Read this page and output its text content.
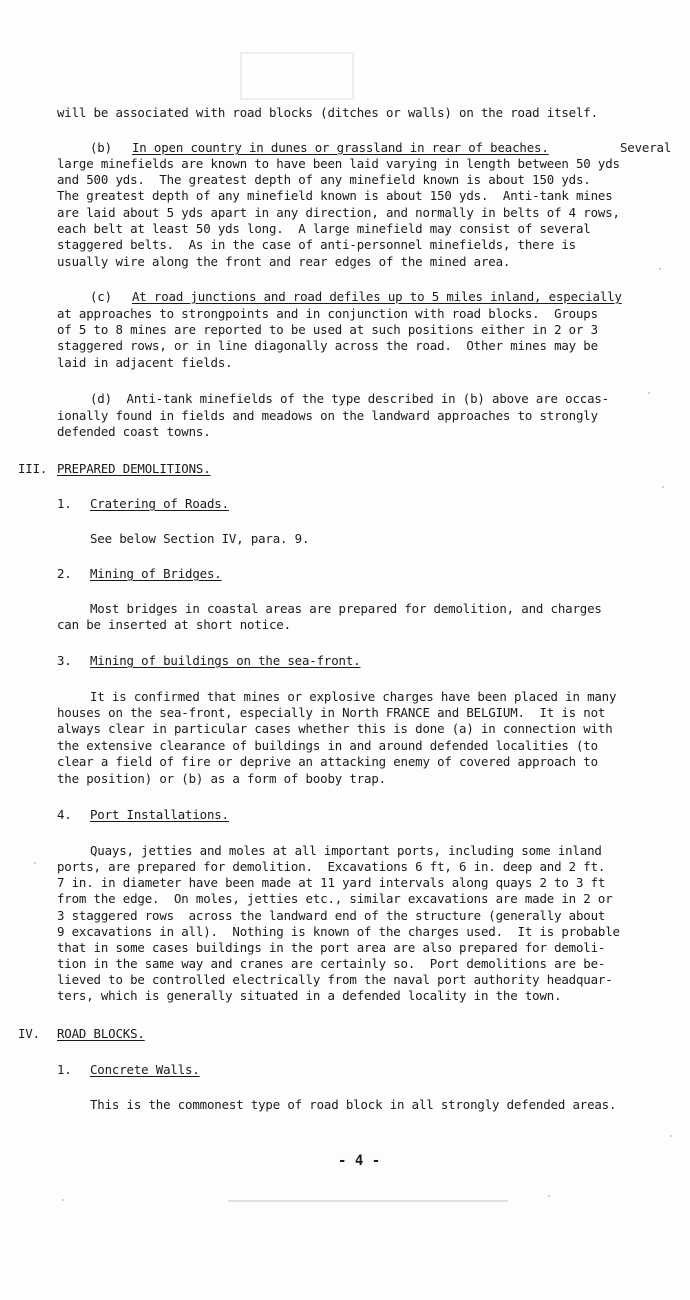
will be associated with road blocks (ditches or walls) on the road itself.
(b) In open country in dunes or grassland in rear of beaches.	Several
large minefields are known to have been laid varying in length between 50 yds
and 500 yds.  The greatest depth of any minefield known is about 150 yds.
The greatest depth of any minefield known is about 150 yds.  Anti-tank mines
are laid about 5 yds apart in any direction, and normally in belts of 4 rows,
each belt at least 50 yds long.  A large minefield may consist of several
staggered belts.  As in the case of anti-personnel minefields, there is
usually wire along the front and rear edges of the mined area.
(c) At road junctions and road defiles up to 5 miles inland, especially
at approaches to strongpoints and in conjunction with road blocks.  Groups
of 5 to 8 mines are reported to be used at such positions either in 2 or 3
staggered rows, or in line diagonally across the road.  Other mines may be
laid in adjacent fields.
(d)  Anti-tank minefields of the type described in (b) above are occas-
ionally found in fields and meadows on the landward approaches to strongly
defended coast towns.
III. PREPARED DEMOLITIONS.
1. Cratering of Roads.
See below Section IV, para. 9.
2. Mining of Bridges.
Most bridges in coastal areas are prepared for demolition, and charges
can be inserted at short notice.
3. Mining of buildings on the sea-front.
It is confirmed that mines or explosive charges have been placed in many
houses on the sea-front, especially in North FRANCE and BELGIUM.  It is not
always clear in particular cases whether this is done (a) in connection with
the extensive clearance of buildings in and around defended localities (to
clear a field of fire or deprive an attacking enemy of covered approach to
the position) or (b) as a form of booby trap.
4. Port Installations.
Quays, jetties and moles at all important ports, including some inland
ports, are prepared for demolition.  Excavations 6 ft, 6 in. deep and 2 ft.
7 in. in diameter have been made at 11 yard intervals along quays 2 to 3 ft
from the edge.  On moles, jetties etc., similar excavations are made in 2 or
3 staggered rows  across the landward end of the structure (generally about
9 excavations in all).  Nothing is known of the charges used.  It is probable
that in some cases buildings in the port area are also prepared for demoli-
tion in the same way and cranes are certainly so.  Port demolitions are be-
lieved to be controlled electrically from the naval port authority headquar-
ters, which is generally situated in a defended locality in the town.
IV. ROAD BLOCKS.
1. Concrete Walls.
This is the commonest type of road block in all strongly defended areas.
- 4 -
